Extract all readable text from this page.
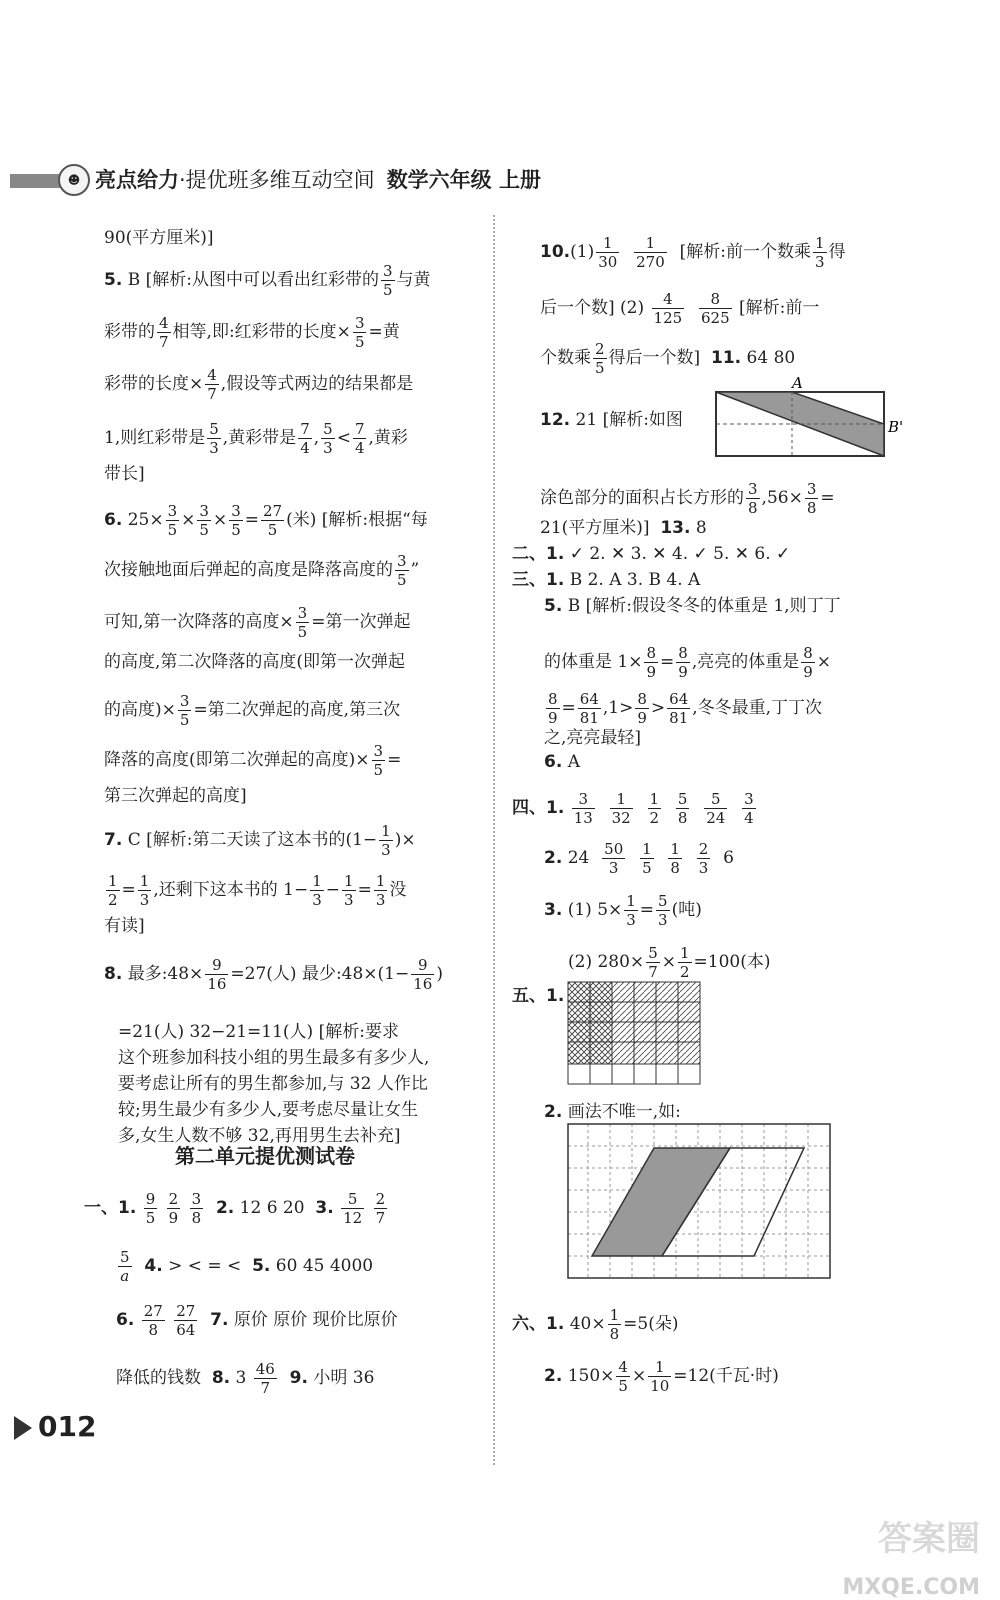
☻ 亮点给力·提优班多维互动空间 数学六年级 上册
90(平方厘米)]
5. B [解析:从图中可以看出红彩带的 $\frac{3}{5}$ 与黄
彩带的 $\frac{4}{7}$ 相等,即:红彩带的长度× $\frac{3}{5}$ =黄
彩带的长度× $\frac{4}{7}$ ,假设等式两边的结果都是
1,则红彩带是 $\frac{5}{3}$ ,黄彩带是 $\frac{7}{4}$ , $\frac{5}{3} < \frac{7}{4}$ ,黄彩
带长]
6. $25\times \frac{3}{5} \times \frac{3}{5} \times \frac{3}{5} = \frac{27}{5}$ (米) [解析:根据“每
次接触地面后弹起的高度是降落高度的 $\frac{3}{5}$ ”
可知,第一次降落的高度× $\frac{3}{5}$ =第一次弹起
的高度,第二次降落的高度(即第一次弹起
的高度)× $\frac{3}{5}$ =第二次弹起的高度,第三次
降落的高度(即第二次弹起的高度)× $\frac{3}{5}$ =
第三次弹起的高度]
7. C [解析:第二天读了这本书的($1- \frac{1}{3}$ )×
$\frac{1}{2} = \frac{1}{3}$ ,还剩下这本书的 $1- \frac{1}{3} - \frac{1}{3} = \frac{1}{3}$ 没
有读]
8. 最多:48× $\frac{9}{16} =27$(人) 最少:48×(1− $\frac{9}{16}$ )
=21(人) 32−21=11(人) [解析:要求
这个班参加科技小组的男生最多有多少人,
要考虑让所有的男生都参加,与 32 人作比
较;男生最少有多少人,要考虑尽量让女生
多,女生人数不够 32,再用男生去补充]
第二单元提优测试卷
一、1. $\frac{9}{5}$
$\frac{2}{9}$
$\frac{3}{8} 2$. 12 6 20 3. $\frac{5}{12}$
$\frac{2}{7}$
$\frac{5}{a} 4$. > < = < 5. 60 45 4000
6. $\frac{27}{8}$
$\frac{27}{64} 7$. 原价 原价 现价比原价
降低的钱数 8. $3 \frac{46}{7} 9$. 小明 36
012
$10.(1) \frac{1}{30}$
$\frac{1}{270}$ [解析:前一个数乘 $\frac{1}{3}$ 得
后一个数] $(2) \frac{4}{125}$
$\frac{8}{625}$ [解析:前一
个数乘 $\frac{2}{5}$ 得后一个数] 11. 64 80
12. 21 [解析:如图
A
B'
涂色部分的面积占长方形的 $\frac{3}{8} ,56\times \frac{3}{8}$ =
21(平方厘米)] 13. 8
二、1. ✓ 2. ✕ 3. ✕ 4. ✓ 5. ✕ 6. ✓
三、1. B 2. A 3. B 4. A
5. B [解析:假设冬冬的体重是 1,则丁丁
的体重是 $1\times \frac{8}{9} = \frac{8}{9}$ ,亮亮的体重是 $\frac{8}{9}$ ×
$\frac{8}{9} = \frac{64}{81} ,1> \frac{8}{9} > \frac{64}{81}$ ,冬冬最重,丁丁次
之,亮亮最轻]
6. A
四、1. $\frac{3}{13}$
$\frac{1}{32}$
$\frac{1}{2}$
$\frac{5}{8}$
$\frac{5}{24}$
$\frac{3}{4}$
2. $24 \frac{50}{3}$
$\frac{1}{5}$
$\frac{1}{8}$
$\frac{2}{3} 6$
3. (1) $5\times \frac{1}{3} = \frac{5}{3}$ (吨)
(2) $280\times \frac{5}{7} \times \frac{1}{2} =100$(本)
五、1.
2. 画法不唯一,如:
六、1. $40\times \frac{1}{8} =5$(朵)
2. $150\times \frac{4}{5} \times \frac{1}{10} =12$(千瓦·时)
答案圈
MXQE.COM
